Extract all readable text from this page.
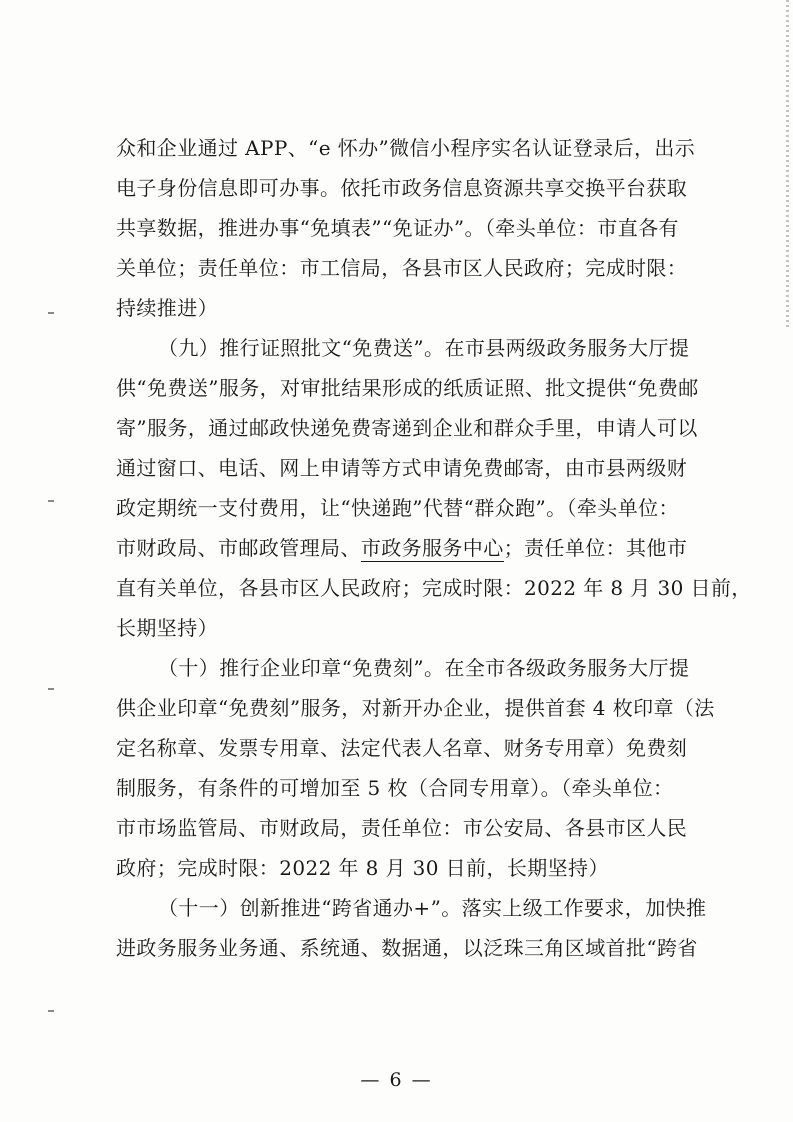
众和企业通过 APP、“e 怀办”微信小程序实名认证登录后，出示
电子身份信息即可办事。依托市政务信息资源共享交换平台获取
共享数据，推进办事“免填表”“免证办”。（牵头单位：市直各有
关单位；责任单位：市工信局，各县市区人民政府；完成时限：
持续推进）
（九）推行证照批文“免费送”。在市县两级政务服务大厅提
供“免费送”服务，对审批结果形成的纸质证照、批文提供“免费邮
寄”服务，通过邮政快递免费寄递到企业和群众手里，申请人可以
通过窗口、电话、网上申请等方式申请免费邮寄，由市县两级财
政定期统一支付费用，让“快递跑”代替“群众跑”。（牵头单位：
市财政局、市邮政管理局、市政务服务中心；责任单位：其他市
直有关单位，各县市区人民政府；完成时限：2022 年 8 月 30 日前，
长期坚持）
（十）推行企业印章“免费刻”。在全市各级政务服务大厅提
供企业印章“免费刻”服务，对新开办企业，提供首套 4 枚印章（法
定名称章、发票专用章、法定代表人名章、财务专用章）免费刻
制服务，有条件的可增加至 5 枚（合同专用章）。（牵头单位：
市市场监管局、市财政局，责任单位：市公安局、各县市区人民
政府；完成时限：2022 年 8 月 30 日前，长期坚持）
（十一）创新推进“跨省通办+”。落实上级工作要求，加快推
进政务服务业务通、系统通、数据通，以泛珠三角区域首批“跨省
— 6 —
